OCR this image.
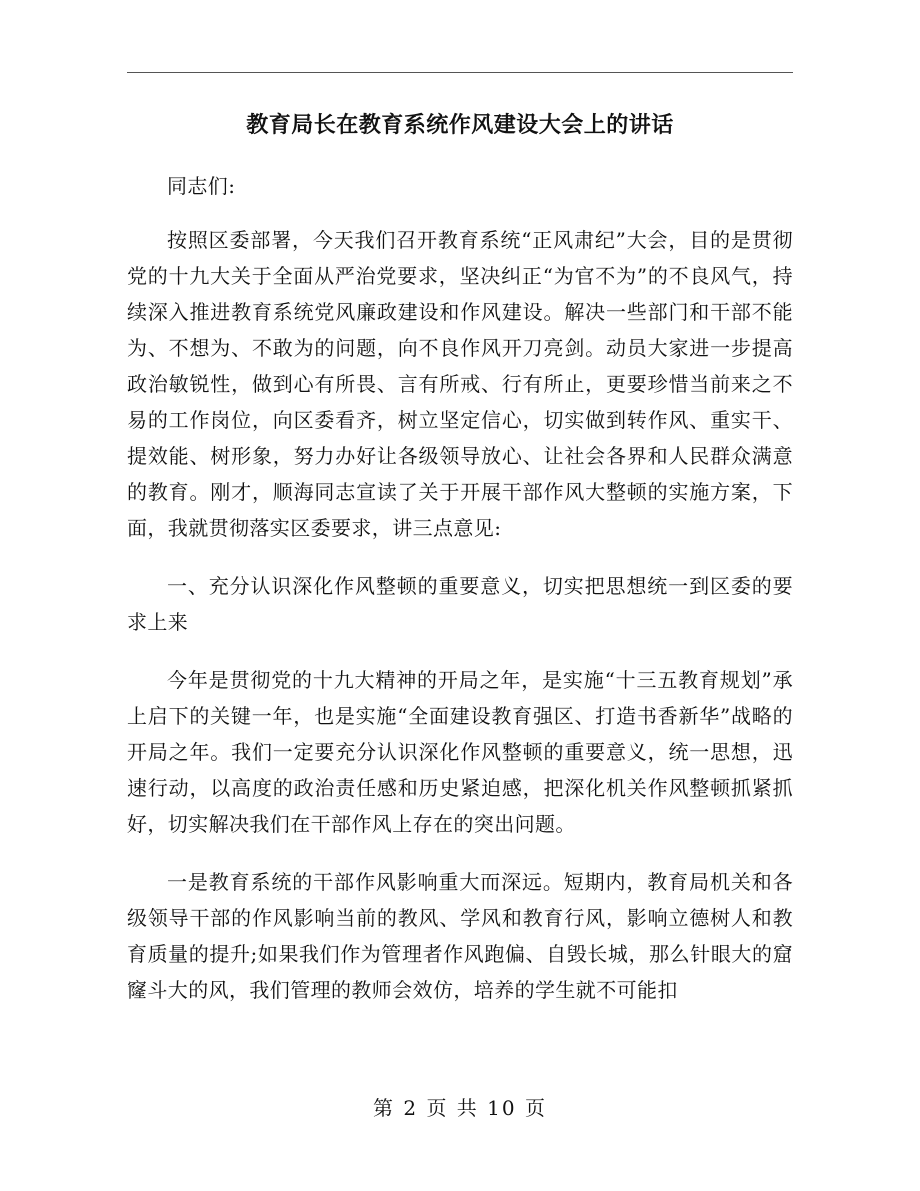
教育局长在教育系统作风建设大会上的讲话

同志们:

按照区委部署，今天我们召开教育系统“正风肃纪”大会，目的是贯彻党的十九大关于全面从严治党要求，坚决纠正“为官不为”的不良风气，持续深入推进教育系统党风廉政建设和作风建设。解决一些部门和干部不能为、不想为、不敢为的问题，向不良作风开刀亮剑。动员大家进一步提高政治敏锐性，做到心有所畏、言有所戒、行有所止，更要珍惜当前来之不易的工作岗位，向区委看齐，树立坚定信心，切实做到转作风、重实干、提效能、树形象，努力办好让各级领导放心、让社会各界和人民群众满意的教育。刚才，顺海同志宣读了关于开展干部作风大整顿的实施方案，下面，我就贯彻落实区委要求，讲三点意见:

一、充分认识深化作风整顿的重要意义，切实把思想统一到区委的要求上来

今年是贯彻党的十九大精神的开局之年，是实施“十三五教育规划”承上启下的关键一年，也是实施“全面建设教育强区、打造书香新华”战略的开局之年。我们一定要充分认识深化作风整顿的重要意义，统一思想，迅速行动，以高度的政治责任感和历史紧迫感，把深化机关作风整顿抓紧抓好，切实解决我们在干部作风上存在的突出问题。

一是教育系统的干部作风影响重大而深远。短期内，教育局机关和各级领导干部的作风影响当前的教风、学风和教育行风，影响立德树人和教育质量的提升;如果我们作为管理者作风跑偏、自毁长城，那么针眼大的窟窿斗大的风，我们管理的教师会效仿，培养的学生就不可能扣

第 2 页 共 10 页
